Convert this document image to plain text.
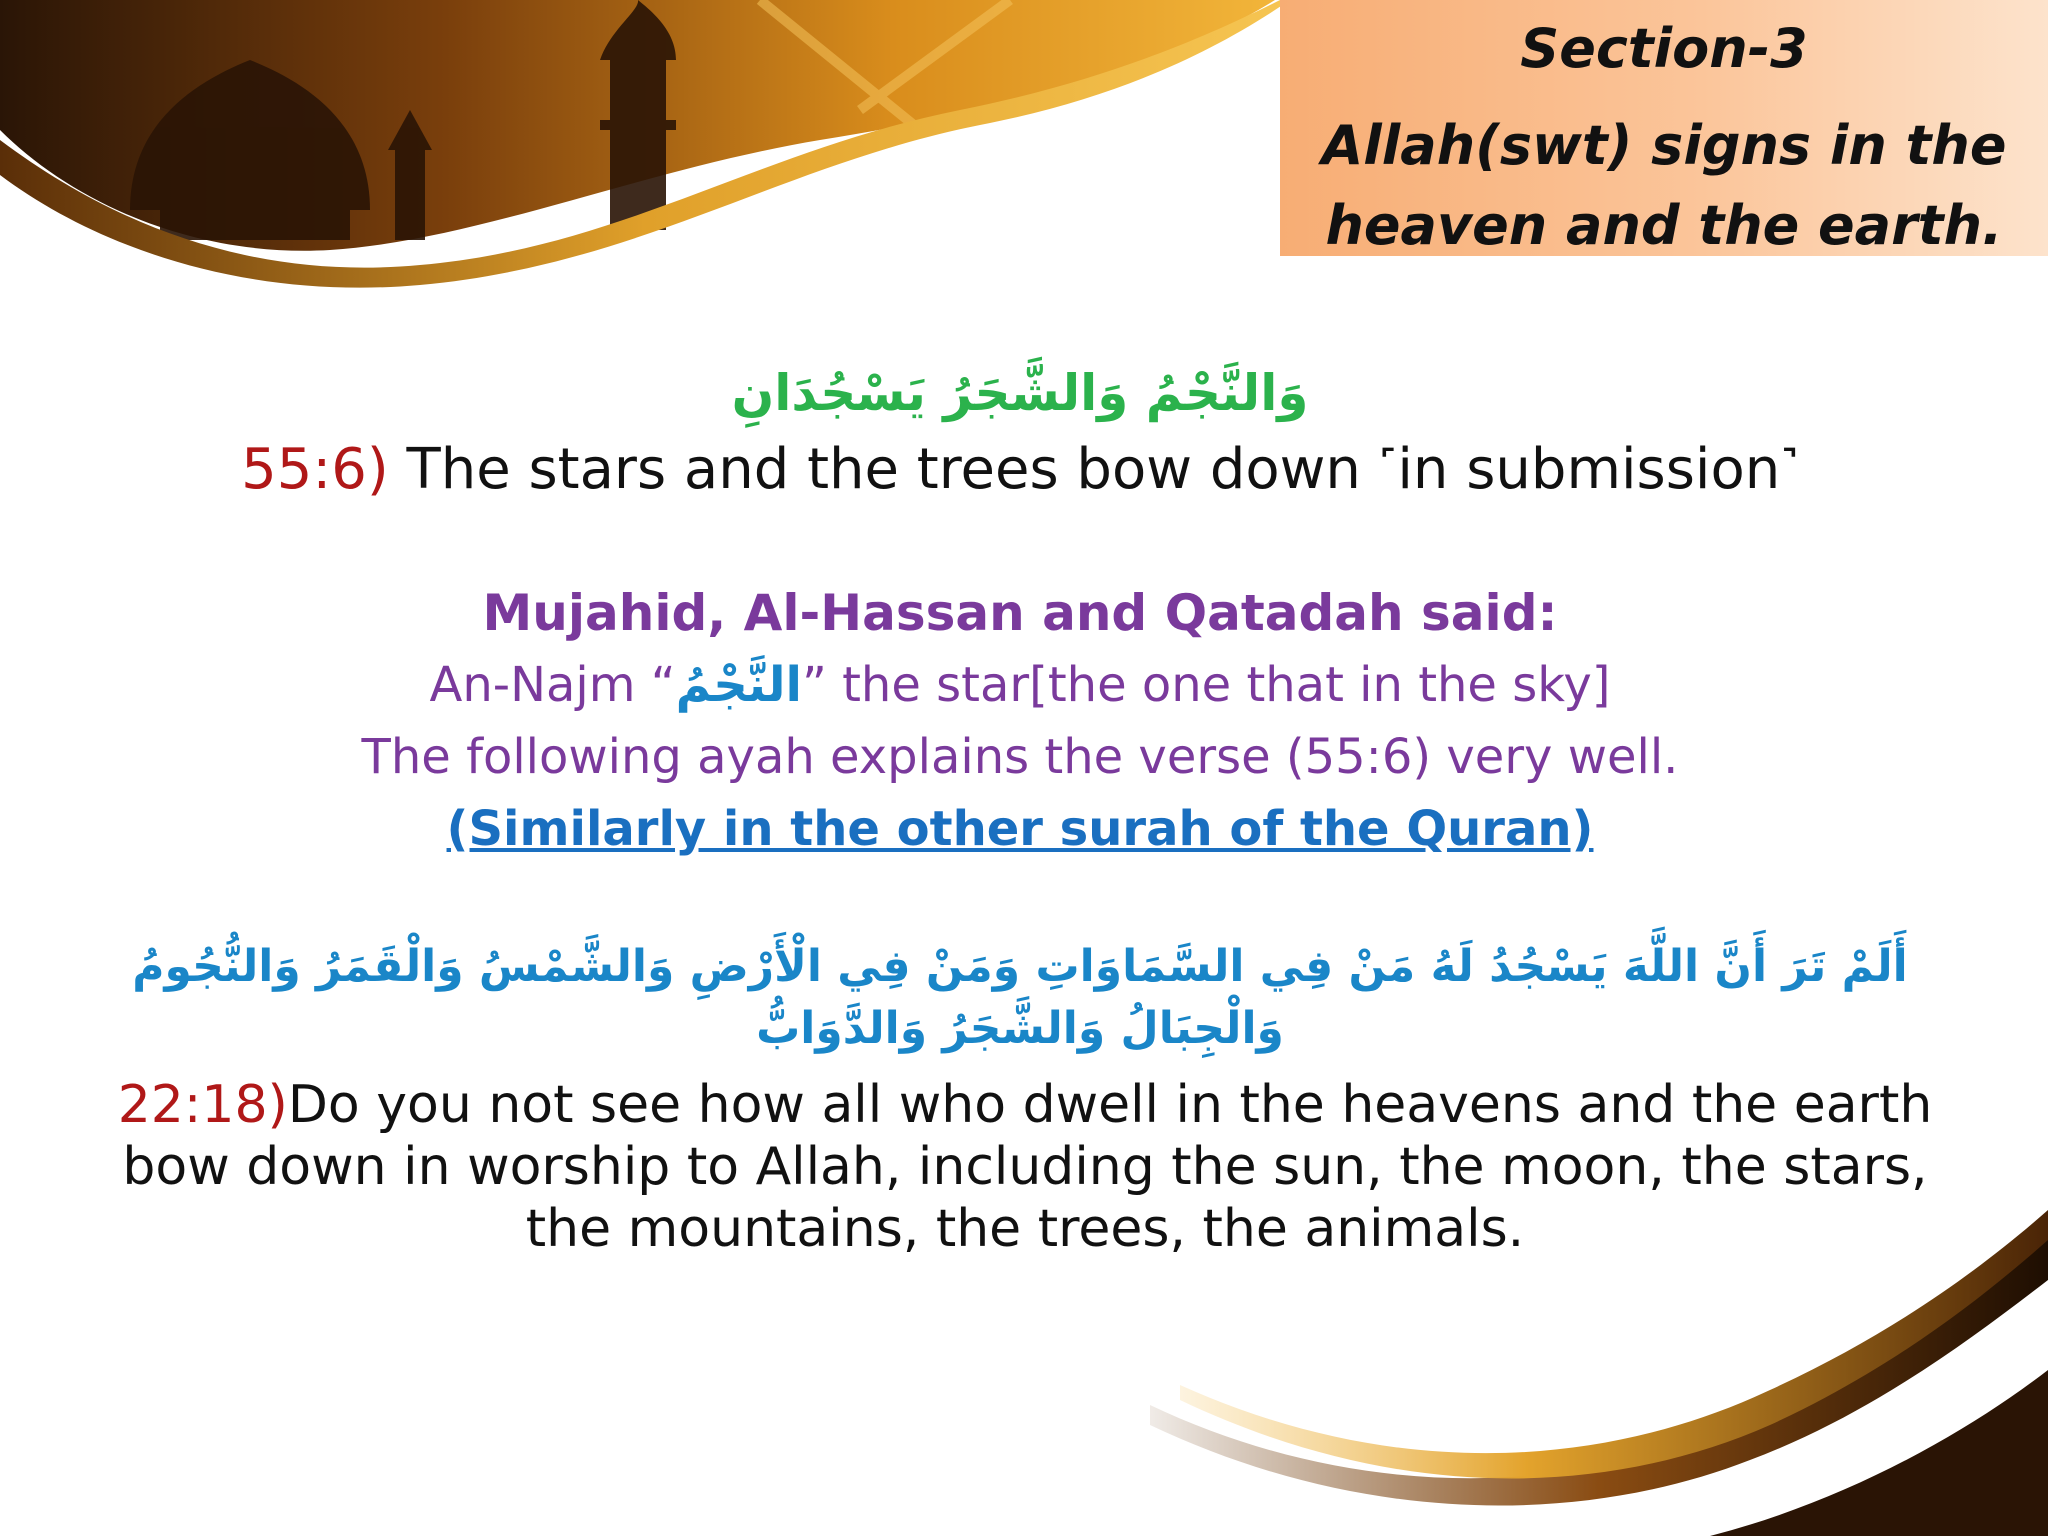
Section-3
Allah(swt) signs in the heaven and the earth.
وَالنَّجْمُ وَالشَّجَرُ يَسْجُدَانِ
55:6) The stars and the trees bow down ˹in submission˺
Mujahid, Al-Hassan and Qatadah said:
An-Najm “النَّجْمُ” the star[the one that in the sky]
The following ayah explains the verse (55:6) very well.
(Similarly in the other surah of the Quran)
أَلَمْ تَرَ أَنَّ اللَّهَ يَسْجُدُ لَهُ مَنْ فِي السَّمَاوَاتِ وَمَنْ فِي الْأَرْضِ وَالشَّمْسُ وَالْقَمَرُ وَالنُّجُومُ وَالْجِبَالُ وَالشَّجَرُ وَالدَّوَابُّ
22:18)Do you not see how all who dwell in the heavens and the earth bow down in worship to Allah, including the sun, the moon, the stars, the mountains, the trees, the animals.
